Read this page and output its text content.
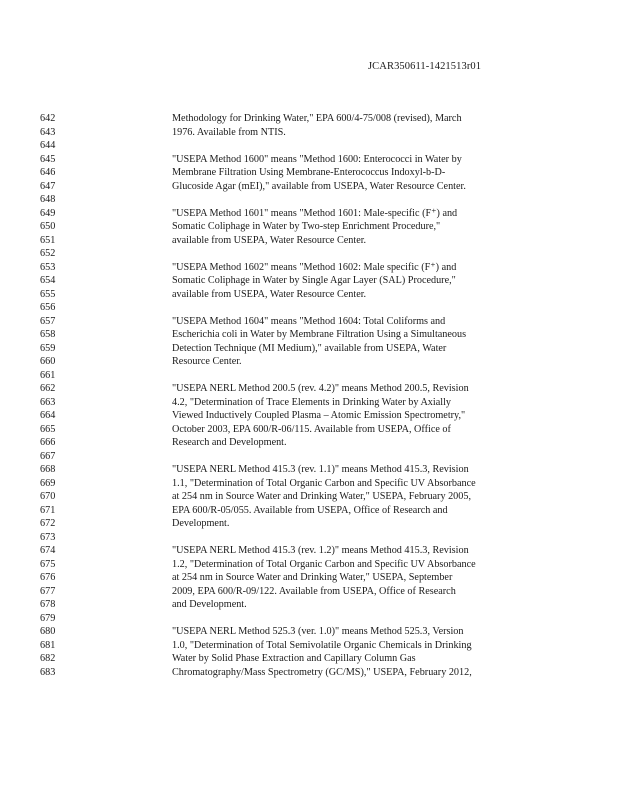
JCAR350611-1421513r01
642	Methodology for Drinking Water," EPA 600/4-75/008 (revised), March
643	1976. Available from NTIS.
644
645	"USEPA Method 1600" means "Method 1600: Enterococci in Water by
646	Membrane Filtration Using Membrane-Enterococcus Indoxyl-b-D-
647	Glucoside Agar (mEI)," available from USEPA, Water Resource Center.
648
649	"USEPA Method 1601" means "Method 1601: Male-specific (F⁺) and
650	Somatic Coliphage in Water by Two-step Enrichment Procedure,"
651	available from USEPA, Water Resource Center.
652
653	"USEPA Method 1602" means "Method 1602: Male specific (F⁺) and
654	Somatic Coliphage in Water by Single Agar Layer (SAL) Procedure,"
655	available from USEPA, Water Resource Center.
656
657	"USEPA Method 1604" means "Method 1604: Total Coliforms and
658	Escherichia coli in Water by Membrane Filtration Using a Simultaneous
659	Detection Technique (MI Medium)," available from USEPA, Water
660	Resource Center.
661
662	"USEPA NERL Method 200.5 (rev. 4.2)" means Method 200.5, Revision
663	4.2, "Determination of Trace Elements in Drinking Water by Axially
664	Viewed Inductively Coupled Plasma – Atomic Emission Spectrometry,"
665	October 2003, EPA 600/R-06/115. Available from USEPA, Office of
666	Research and Development.
667
668	"USEPA NERL Method 415.3 (rev. 1.1)" means Method 415.3, Revision
669	1.1, "Determination of Total Organic Carbon and Specific UV Absorbance
670	at 254 nm in Source Water and Drinking Water," USEPA, February 2005,
671	EPA 600/R-05/055. Available from USEPA, Office of Research and
672	Development.
673
674	"USEPA NERL Method 415.3 (rev. 1.2)" means Method 415.3, Revision
675	1.2, "Determination of Total Organic Carbon and Specific UV Absorbance
676	at 254 nm in Source Water and Drinking Water," USEPA, September
677	2009, EPA 600/R-09/122. Available from USEPA, Office of Research
678	and Development.
679
680	"USEPA NERL Method 525.3 (ver. 1.0)" means Method 525.3, Version
681	1.0, "Determination of Total Semivolatile Organic Chemicals in Drinking
682	Water by Solid Phase Extraction and Capillary Column Gas
683	Chromatography/Mass Spectrometry (GC/MS)," USEPA, February 2012,
